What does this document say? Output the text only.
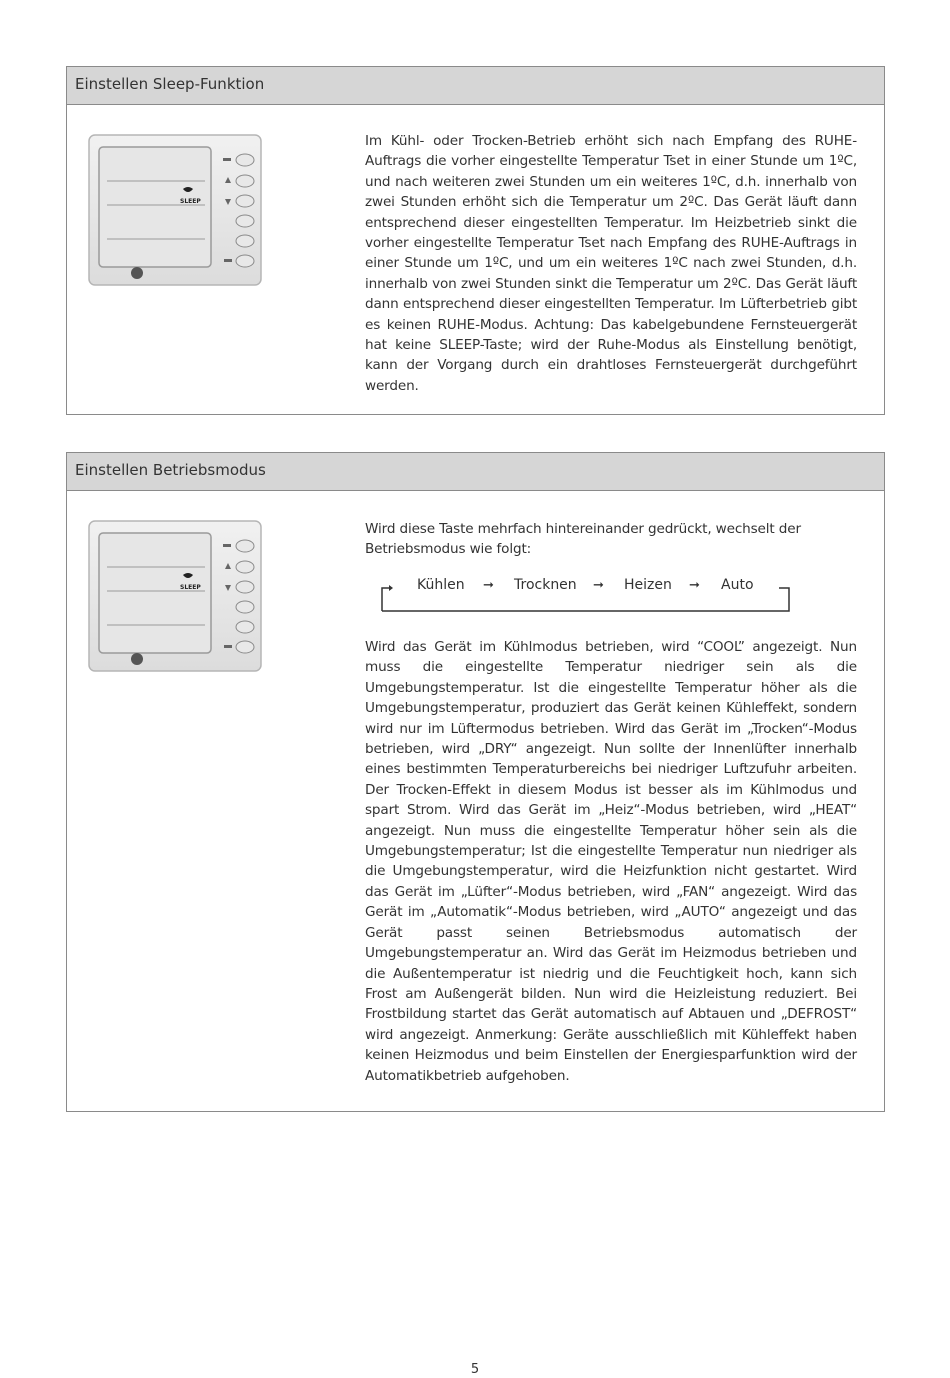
Einstellen Sleep-Funktion
SLEEP

Im Kühl- oder Trocken-Betrieb erhöht sich nach Empfang des RUHE-Auftrags die vorher eingestellte Temperatur Tset in einer Stunde um 1ºC, und nach weiteren zwei Stunden um ein weiteres 1ºC, d.h. innerhalb von zwei Stunden erhöht sich die Temperatur um 2ºC. Das Gerät läuft dann entsprechend dieser eingestellten Temperatur. Im Heizbetrieb sinkt die vorher eingestellte Temperatur Tset nach Empfang des RUHE-Auftrags in einer Stunde um 1ºC, und um ein weiteres 1ºC nach zwei Stunden, d.h. innerhalb von zwei Stunden sinkt die Temperatur um 2ºC. Das Gerät läuft dann entsprechend dieser eingestellten Temperatur. Im Lüfterbetrieb gibt es keinen RUHE-Modus. Achtung: Das kabelgebundene Fernsteuergerät hat keine SLEEP-Taste; wird der Ruhe-Modus als Einstellung benötigt, kann der Vorgang durch ein drahtloses Fernsteuergerät durchgeführt werden.

Einstellen Betriebsmodus
SLEEP

Wird diese Taste mehrfach hintereinander gedrückt, wechselt der Betriebsmodus wie folgt:

Kühlen ➞ Trocknen ➞ Heizen ➞ Auto

Wird das Gerät im Kühlmodus betrieben, wird “COOL” angezeigt. Nun muss die eingestellte Temperatur niedriger sein als die Umgebungstemperatur. Ist die eingestellte Temperatur höher als die Umgebungstemperatur, produziert das Gerät keinen Kühleffekt, sondern wird nur im Lüftermodus betrieben. Wird das Gerät im „Trocken“-Modus betrieben, wird „DRY“ angezeigt. Nun sollte der Innenlüfter innerhalb eines bestimmten Temperaturbereichs bei niedriger Luftzufuhr arbeiten. Der Trocken-Effekt in diesem Modus ist besser als im Kühlmodus und spart Strom. Wird das Gerät im „Heiz“-Modus betrieben, wird „HEAT“ angezeigt. Nun muss die eingestellte Temperatur höher sein als die Umgebungstemperatur; Ist die eingestellte Temperatur nun niedriger als die Umgebungstemperatur, wird die Heizfunktion nicht gestartet. Wird das Gerät im „Lüfter“-Modus betrieben, wird „FAN“ angezeigt. Wird das Gerät im „Automatik“-Modus betrieben, wird „AUTO“ angezeigt und das Gerät passt seinen Betriebsmodus automatisch der Umgebungstemperatur an. Wird das Gerät im Heizmodus betrieben und die Außentemperatur ist niedrig und die Feuchtigkeit hoch, kann sich Frost am Außengerät bilden. Nun wird die Heizleistung reduziert. Bei Frostbildung startet das Gerät automatisch auf Abtauen und „DEFROST“ wird angezeigt. Anmerkung: Geräte ausschließlich mit Kühleffekt haben keinen Heizmodus und beim Einstellen der Energiesparfunktion wird der Automatikbetrieb aufgehoben.

5
